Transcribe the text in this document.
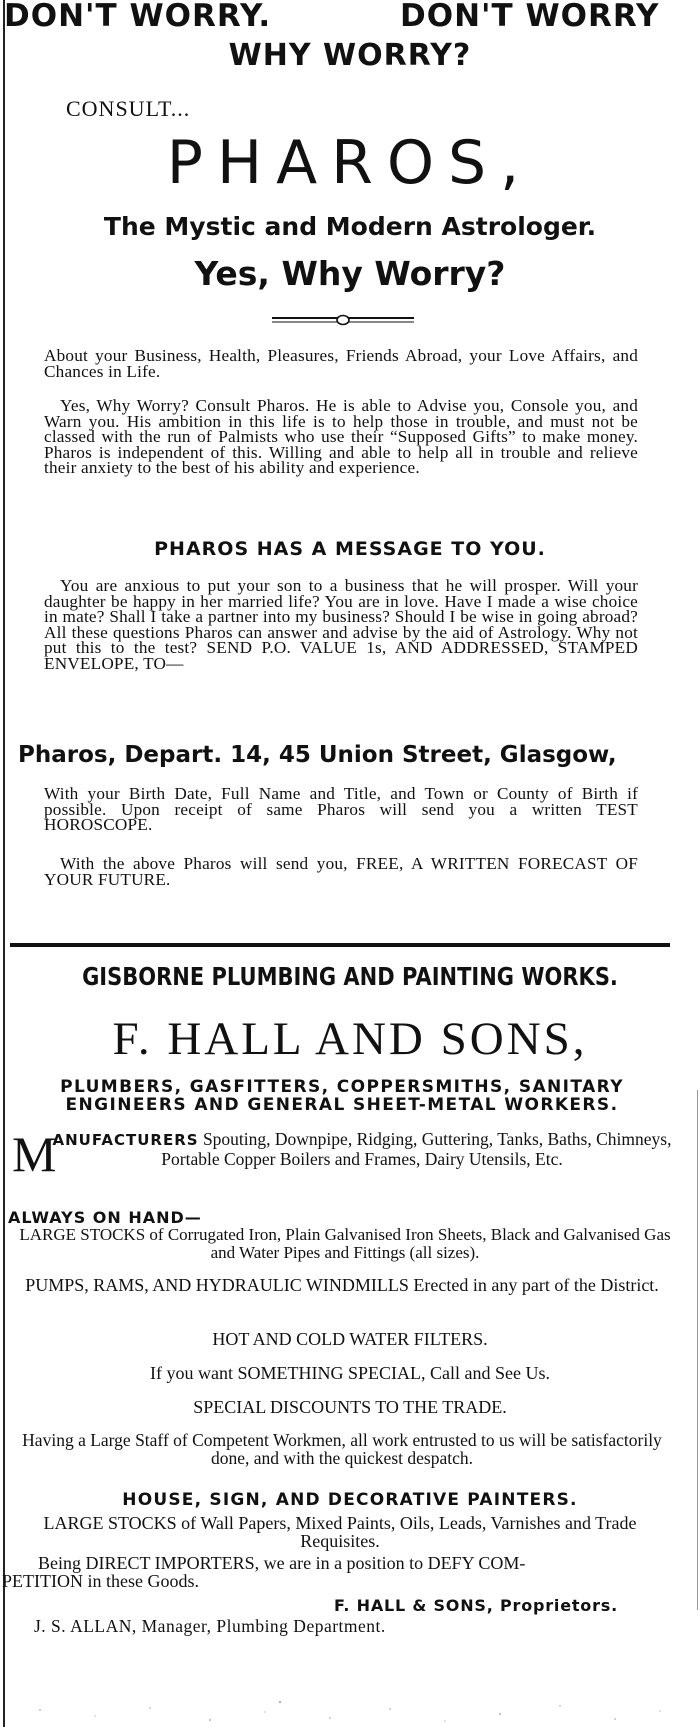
DON'T WORRY.	DON'T WORRY
WHY WORRY?
CONSULT...
PHAROS,
The Mystic and Modern Astrologer.
Yes, Why Worry?
About your Business, Health, Pleasures, Friends Abroad, your Love Affairs, and Chances in Life.
Yes, Why Worry? Consult Pharos. He is able to Advise you, Console you, and Warn you. His ambition in this life is to help those in trouble, and must not be classed with the run of Palmists who use their “Supposed Gifts” to make money. Pharos is independent of this. Willing and able to help all in trouble and relieve their anxiety to the best of his ability and experience.
PHAROS HAS A MESSAGE TO YOU.
You are anxious to put your son to a business that he will prosper. Will your daughter be happy in her married life? You are in love. Have I made a wise choice in mate? Shall I take a partner into my business? Should I be wise in going abroad? All these questions Pharos can answer and advise by the aid of Astrology. Why not put this to the test? SEND P.O. VALUE 1s, AND ADDRESSED, STAMPED ENVELOPE, TO—
Pharos, Depart. 14, 45 Union Street, Glasgow,
With your Birth Date, Full Name and Title, and Town or County of Birth if possible. Upon receipt of same Pharos will send you a written TEST HOROSCOPE.
With the above Pharos will send you, FREE, A WRITTEN FORECAST OF YOUR FUTURE.
GISBORNE PLUMBING AND PAINTING WORKS.
F. HALL AND SONS,
PLUMBERS, GASFITTERS, COPPERSMITHS, SANITARY ENGINEERS AND GENERAL SHEET-METAL WORKERS.
M
ANUFACTURERS Spouting, Downpipe, Ridging, Guttering, Tanks, Baths, Chimneys, Portable Copper Boilers and Frames, Dairy Utensils, Etc.
ALWAYS ON HAND—
LARGE STOCKS of Corrugated Iron, Plain Galvanised Iron Sheets, Black and Galvanised Gas and Water Pipes and Fittings (all sizes).
PUMPS, RAMS, AND HYDRAULIC WINDMILLS Erected in any part of the District.
HOT AND COLD WATER FILTERS.
If you want SOMETHING SPECIAL, Call and See Us.
SPECIAL DISCOUNTS TO THE TRADE.
Having a Large Staff of Competent Workmen, all work entrusted to us will be satisfactorily done, and with the quickest despatch.
HOUSE, SIGN, AND DECORATIVE PAINTERS.
LARGE STOCKS of Wall Papers, Mixed Paints, Oils, Leads, Varnishes and Trade Requisites.
Being DIRECT IMPORTERS, we are in a position to DEFY COM-
PETITION in these Goods.
F. HALL & SONS, Proprietors.
J. S. ALLAN, Manager, Plumbing Department.
